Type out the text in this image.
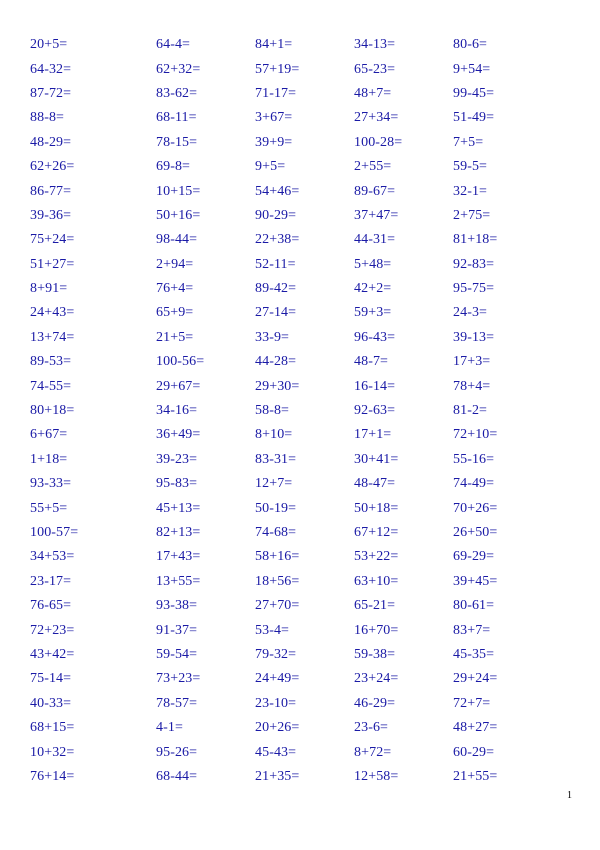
20+5=	64-4=	84+1=	34-13=	80-6=
64-32=	62+32=	57+19=	65-23=	9+54=
87-72=	83-62=	71-17=	48+7=	99-45=
88-8=	68-11=	3+67=	27+34=	51-49=
48-29=	78-15=	39+9=	100-28=	7+5=
62+26=	69-8=	9+5=	2+55=	59-5=
86-77=	10+15=	54+46=	89-67=	32-1=
39-36=	50+16=	90-29=	37+47=	2+75=
75+24=	98-44=	22+38=	44-31=	81+18=
51+27=	2+94=	52-11=	5+48=	92-83=
8+91=	76+4=	89-42=	42+2=	95-75=
24+43=	65+9=	27-14=	59+3=	24-3=
13+74=	21+5=	33-9=	96-43=	39-13=
89-53=	100-56=	44-28=	48-7=	17+3=
74-55=	29+67=	29+30=	16-14=	78+4=
80+18=	34-16=	58-8=	92-63=	81-2=
6+67=	36+49=	8+10=	17+1=	72+10=
1+18=	39-23=	83-31=	30+41=	55-16=
93-33=	95-83=	12+7=	48-47=	74-49=
55+5=	45+13=	50-19=	50+18=	70+26=
100-57=	82+13=	74-68=	67+12=	26+50=
34+53=	17+43=	58+16=	53+22=	69-29=
23-17=	13+55=	18+56=	63+10=	39+45=
76-65=	93-38=	27+70=	65-21=	80-61=
72+23=	91-37=	53-4=	16+70=	83+7=
43+42=	59-54=	79-32=	59-38=	45-35=
75-14=	73+23=	24+49=	23+24=	29+24=
40-33=	78-57=	23-10=	46-29=	72+7=
68+15=	4-1=	20+26=	23-6=	48+27=
10+32=	95-26=	45-43=	8+72=	60-29=
76+14=	68-44=	21+35=	12+58=	21+55=
1
